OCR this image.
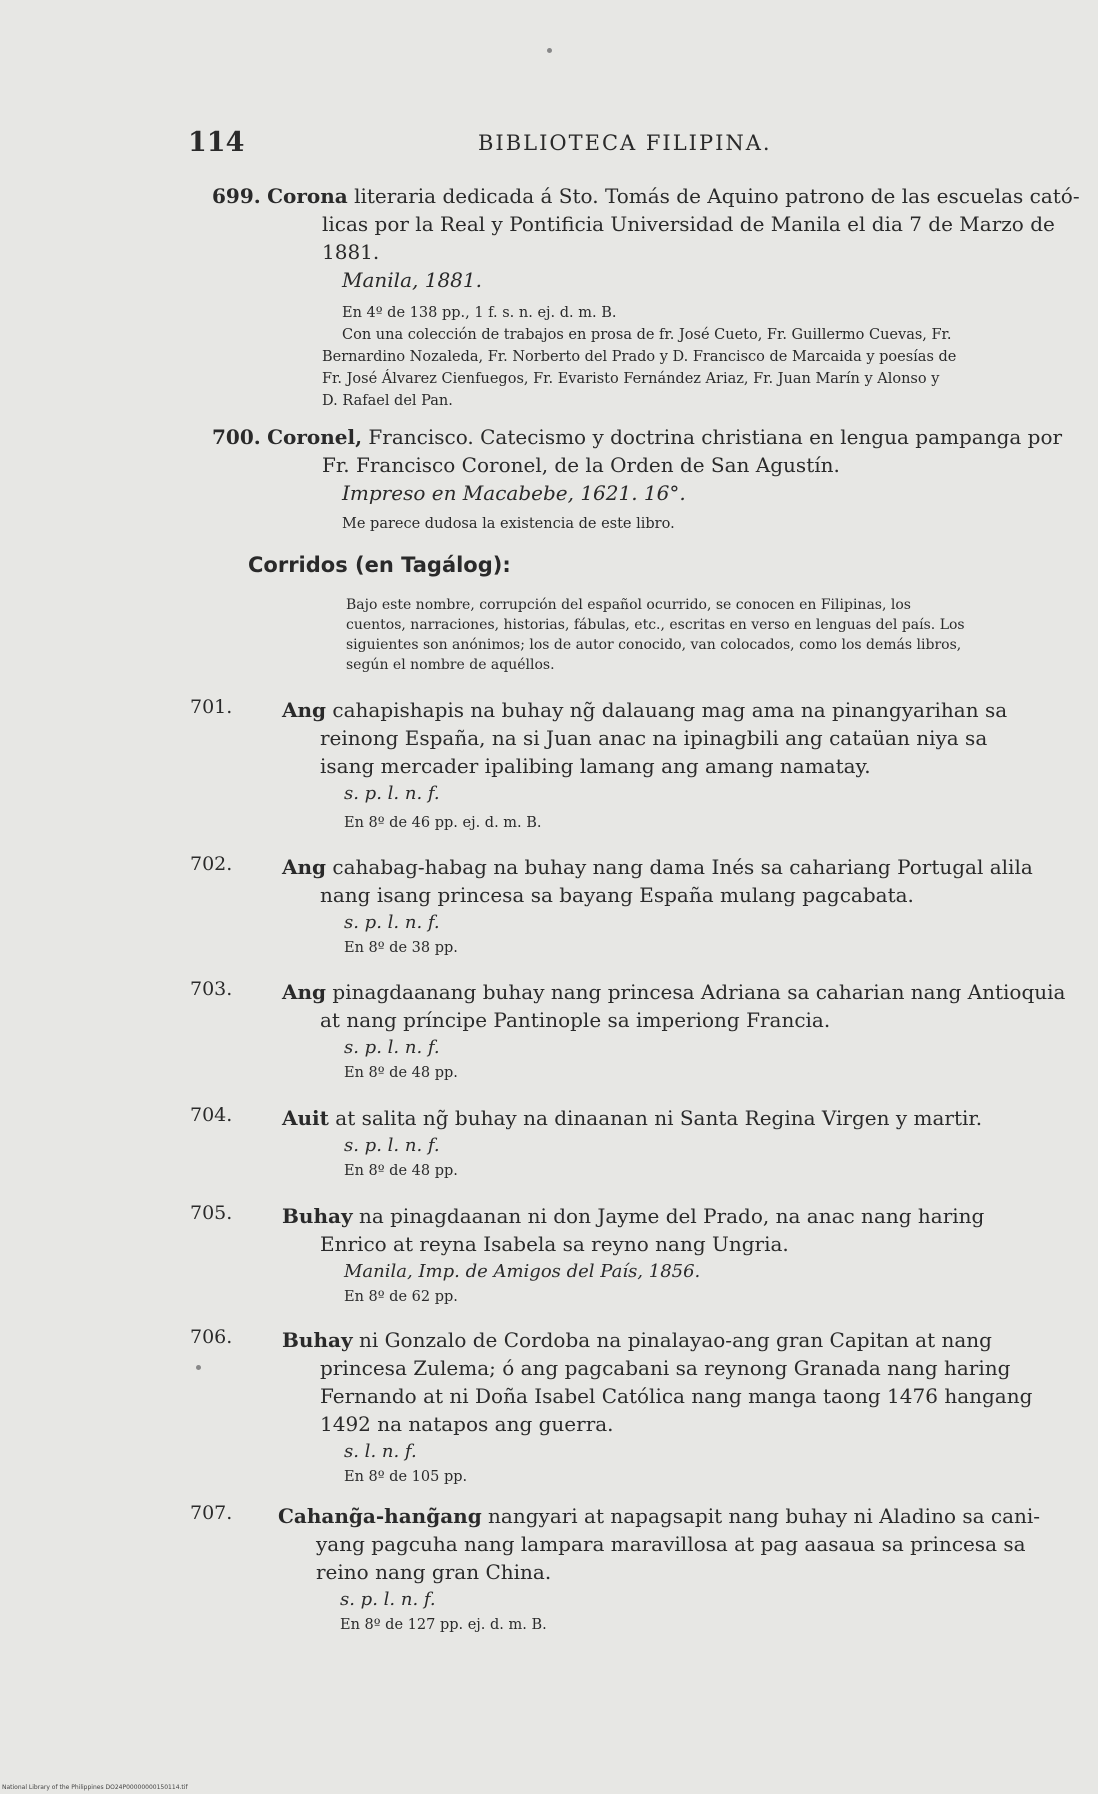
114	BIBLIOTECA FILIPINA.
699. Corona literaria dedicada á Sto. Tomás de Aquino patrono de las escuelas cató-
licas por la Real y Pontificia Universidad de Manila el dia 7 de Marzo de
1881.
Manila, 1881.
En 4º de 138 pp., 1 f. s. n. ej. d. m. B.
Con una colección de trabajos en prosa de fr. José Cueto, Fr. Guillermo Cuevas, Fr.
Bernardino Nozaleda, Fr. Norberto del Prado y D. Francisco de Marcaida y poesías de
Fr. José Álvarez Cienfuegos, Fr. Evaristo Fernández Ariaz, Fr. Juan Marín y Alonso y
D. Rafael del Pan.
700. Coronel, Francisco. Catecismo y doctrina christiana en lengua pampanga por
Fr. Francisco Coronel, de la Orden de San Agustín.
Impreso en Macabebe, 1621. 16°.
Me parece dudosa la existencia de este libro.
Corridos (en Tagálog):
Bajo este nombre, corrupción del español ocurrido, se conocen en Filipinas, los
cuentos, narraciones, historias, fábulas, etc., escritas en verso en lenguas del país. Los
siguientes son anónimos; los de autor conocido, van colocados, como los demás libros,
según el nombre de aquéllos.
701.	Ang cahapishapis na buhay ng̃ dalauang mag ama na pinangyarihan sa
reinong España, na si Juan anac na ipinagbili ang cataüan niya sa
isang mercader ipalibing lamang ang amang namatay.
s. p. l. n. f.
En 8º de 46 pp. ej. d. m. B.
702.	Ang cahabag-habag na buhay nang dama Inés sa cahariang Portugal alila
nang isang princesa sa bayang España mulang pagcabata.
s. p. l. n. f.
En 8º de 38 pp.
703.	Ang pinagdaanang buhay nang princesa Adriana sa caharian nang Antioquia
at nang príncipe Pantinople sa imperiong Francia.
s. p. l. n. f.
En 8º de 48 pp.
704.	Auit at salita ng̃ buhay na dinaanan ni Santa Regina Virgen y martir.
s. p. l. n. f.
En 8º de 48 pp.
705.	Buhay na pinagdaanan ni don Jayme del Prado, na anac nang haring
Enrico at reyna Isabela sa reyno nang Ungria.
Manila, Imp. de Amigos del País, 1856.
En 8º de 62 pp.
706.	Buhay ni Gonzalo de Cordoba na pinalayao-ang gran Capitan at nang
princesa Zulema; ó ang pagcabani sa reynong Granada nang haring
Fernando at ni Doña Isabel Católica nang manga taong 1476 hangang
1492 na natapos ang guerra.
s. l. n. f.
En 8º de 105 pp.
707.	Cahang̃a-hang̃ang nangyari at napagsapit nang buhay ni Aladino sa cani-
yang pagcuha nang lampara maravillosa at pag aasaua sa princesa sa
reino nang gran China.
s. p. l. n. f.
En 8º de 127 pp. ej. d. m. B.
National Library of the Philippines DO24P00000000150114.tif
